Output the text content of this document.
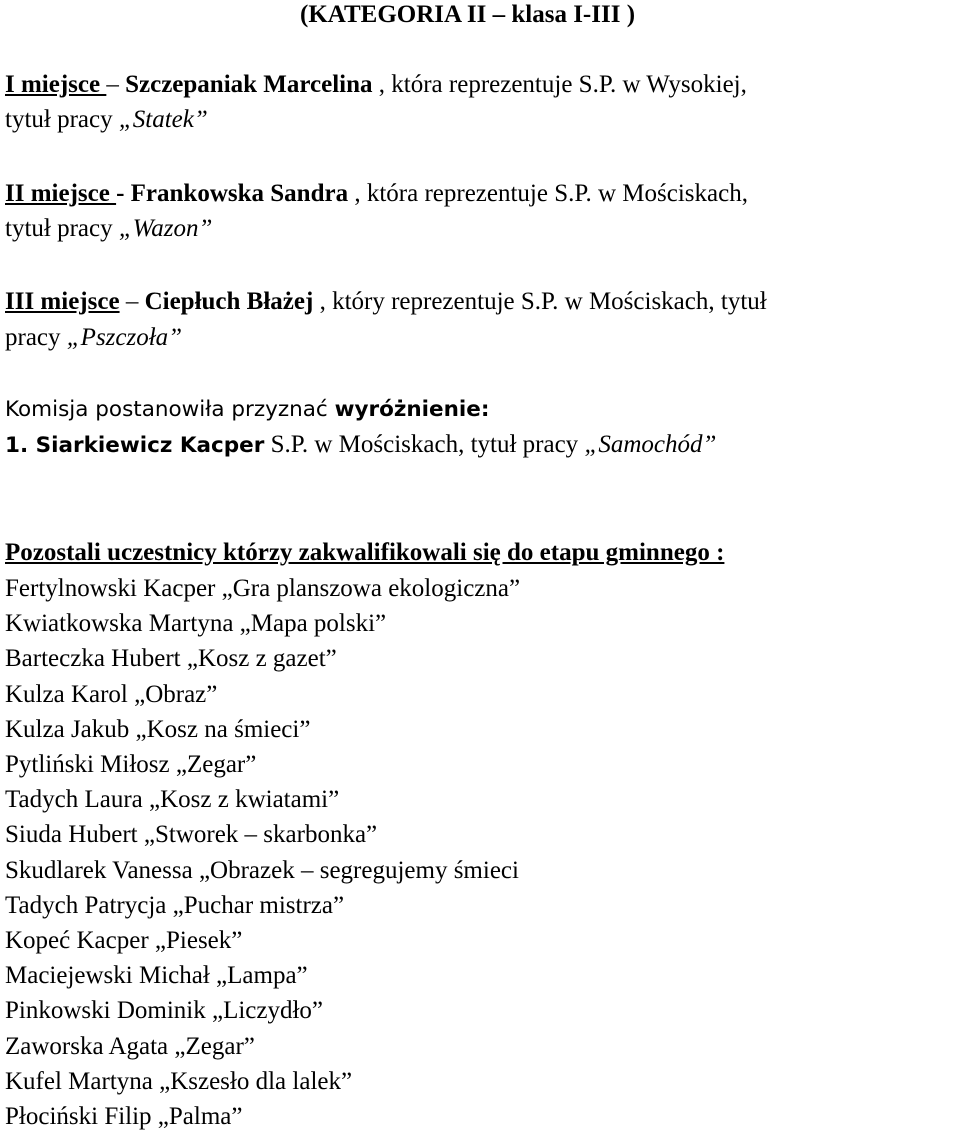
(KATEGORIA II – klasa I-III )
I miejsce – Szczepaniak Marcelina , która reprezentuje S.P. w Wysokiej,
tytuł pracy „Statek”
II miejsce - Frankowska Sandra , która reprezentuje S.P. w Mościskach,
tytuł pracy „Wazon”
III miejsce – Ciepłuch Błażej , który reprezentuje S.P. w Mościskach, tytuł
pracy „Pszczoła”
Komisja postanowiła przyznać wyróżnienie:
1. Siarkiewicz Kacper S.P. w Mościskach, tytuł pracy „Samochód”
Pozostali uczestnicy którzy zakwalifikowali się do etapu gminnego :
Fertylnowski Kacper „Gra planszowa ekologiczna”
Kwiatkowska Martyna „Mapa polski”
Barteczka Hubert „Kosz z gazet”
Kulza Karol „Obraz”
Kulza Jakub „Kosz na śmieci”
Pytliński Miłosz „Zegar”
Tadych Laura „Kosz z kwiatami”
Siuda Hubert „Stworek – skarbonka”
Skudlarek Vanessa „Obrazek – segregujemy śmieci
Tadych Patrycja „Puchar mistrza”
Kopeć Kacper „Piesek”
Maciejewski Michał „Lampa”
Pinkowski Dominik „Liczydło”
Zaworska Agata „Zegar”
Kufel Martyna „Kszesło dla lalek”
Płociński Filip „Palma”
